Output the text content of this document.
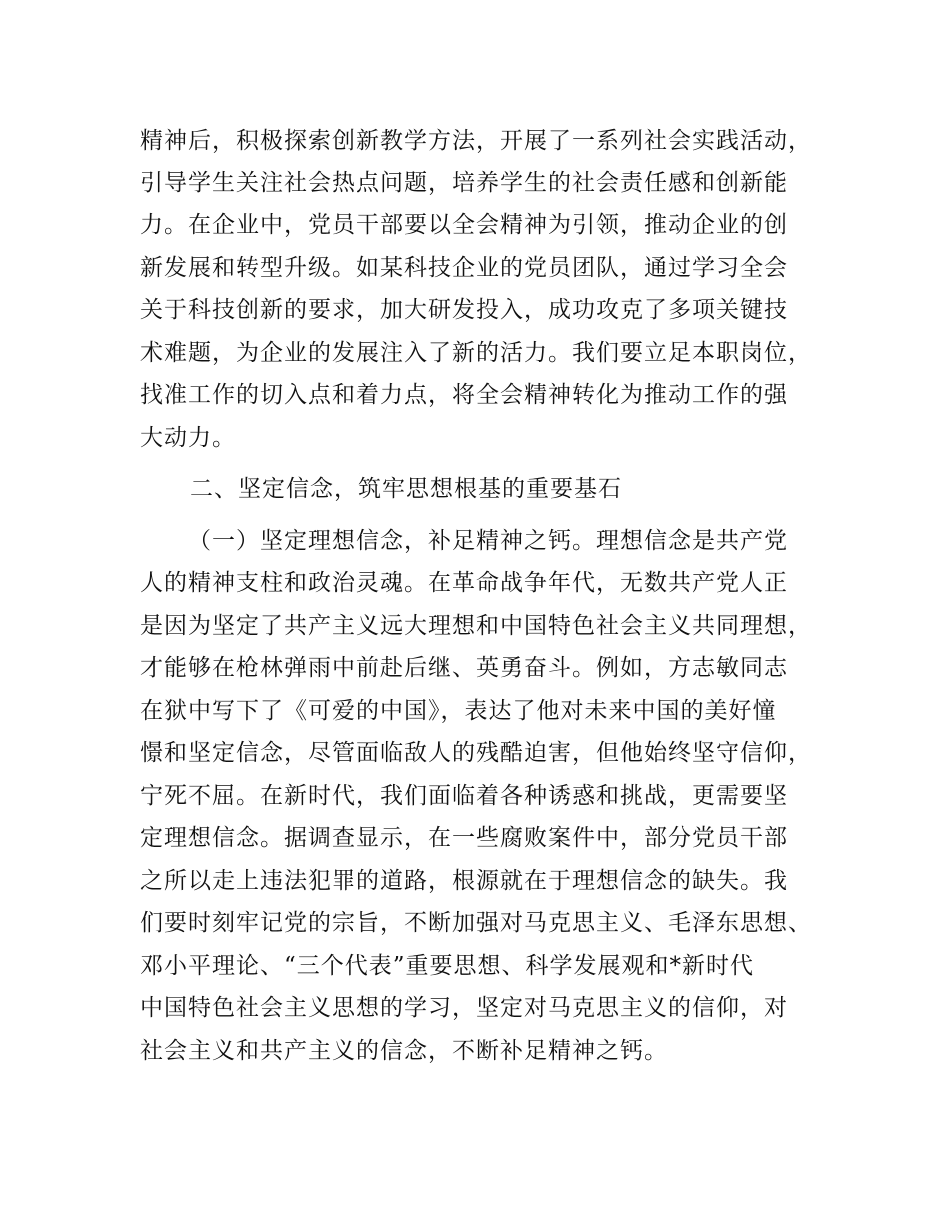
精神后，积极探索创新教学方法，开展了一系列社会实践活动，
引导学生关注社会热点问题，培养学生的社会责任感和创新能
力。在企业中，党员干部要以全会精神为引领，推动企业的创
新发展和转型升级。如某科技企业的党员团队，通过学习全会
关于科技创新的要求，加大研发投入，成功攻克了多项关键技
术难题，为企业的发展注入了新的活力。我们要立足本职岗位，
找准工作的切入点和着力点，将全会精神转化为推动工作的强
大动力。
二、坚定信念，筑牢思想根基的重要基石
（一）坚定理想信念，补足精神之钙。理想信念是共产党
人的精神支柱和政治灵魂。在革命战争年代，无数共产党人正
是因为坚定了共产主义远大理想和中国特色社会主义共同理想，
才能够在枪林弹雨中前赴后继、英勇奋斗。例如，方志敏同志
在狱中写下了《可爱的中国》，表达了他对未来中国的美好憧
憬和坚定信念，尽管面临敌人的残酷迫害，但他始终坚守信仰，
宁死不屈。在新时代，我们面临着各种诱惑和挑战，更需要坚
定理想信念。据调查显示，在一些腐败案件中，部分党员干部
之所以走上违法犯罪的道路，根源就在于理想信念的缺失。我
们要时刻牢记党的宗旨，不断加强对马克思主义、毛泽东思想、
邓小平理论、“三个代表”重要思想、科学发展观和*新时代
中国特色社会主义思想的学习，坚定对马克思主义的信仰，对
社会主义和共产主义的信念，不断补足精神之钙。
